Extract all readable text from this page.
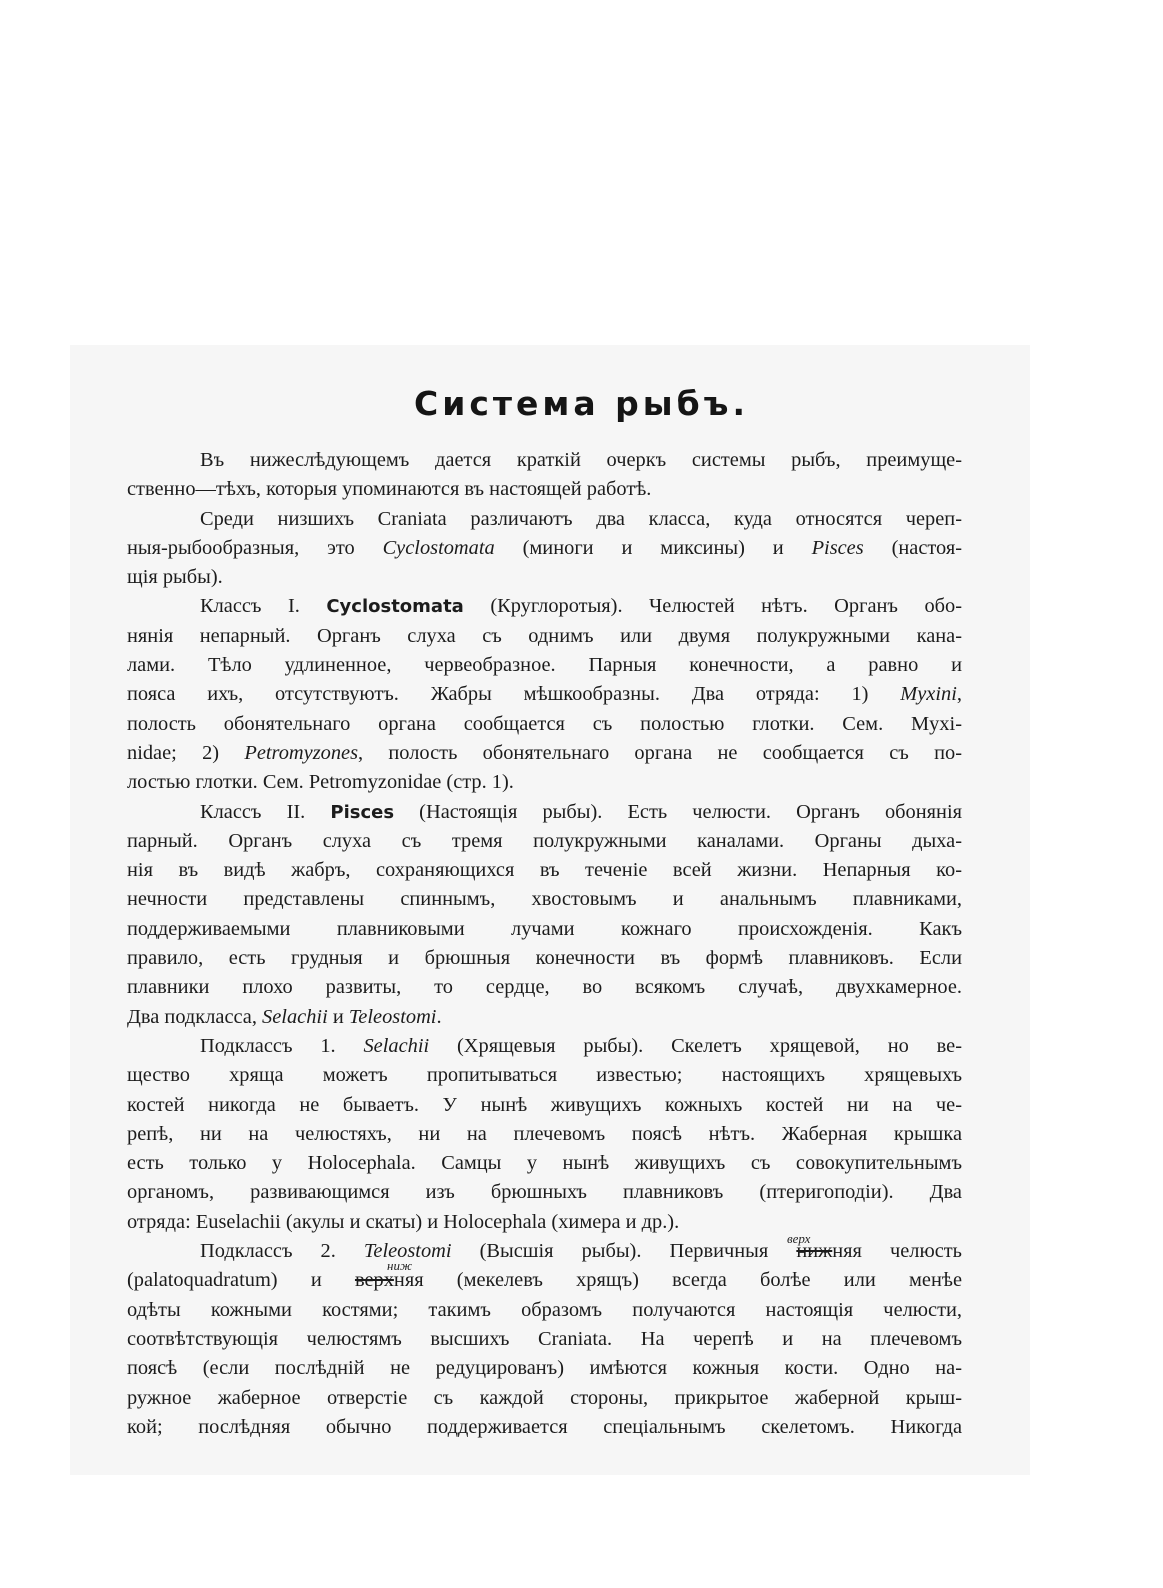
Система рыбъ.
верх
ниж
Въ нижеслѣдующемъ дается краткій очеркъ системы рыбъ, преимуще-
ственно—тѣхъ, которыя упоминаются въ настоящей работѣ.
Среди низшихъ Craniata различаютъ два класса, куда относятся череп-
ныя-рыбообразныя, это Cyclostomata (миноги и миксины) и Pisces (настоя-
щія рыбы).
Классъ I. Cyclostomata (Круглоротыя). Челюстей нѣтъ. Органъ обо-
нянія непарный. Органъ слуха съ однимъ или двумя полукружными кана-
лами. Тѣло удлиненное, червеобразное. Парныя конечности, а равно и
пояса ихъ, отсутствуютъ. Жабры мѣшкообразны. Два отряда: 1) Myxini,
полость обонятельнаго органа сообщается съ полостью глотки. Сем. Myxi-
nidae; 2) Petromyzones, полость обонятельнаго органа не сообщается съ по-
лостью глотки. Сем. Petromyzonidae (стр. 1).
Классъ II. Pisces (Настоящія рыбы). Есть челюсти. Органъ обонянія
парный. Органъ слуха съ тремя полукружными каналами. Органы дыха-
нія въ видѣ жабръ, сохраняющихся въ теченіе всей жизни. Непарныя ко-
нечности представлены спиннымъ, хвостовымъ и анальнымъ плавниками,
поддерживаемыми плавниковыми лучами кожнаго происхожденія. Какъ
правило, есть грудныя и брюшныя конечности въ формѣ плавниковъ. Если
плавники плохо развиты, то сердце, во всякомъ случаѣ, двухкамерное.
Два подкласса, Selachii и Teleostomi.
Подклассъ 1. Selachii (Хрящевыя рыбы). Скелетъ хрящевой, но ве-
щество хряща можетъ пропитываться известью; настоящихъ хрящевыхъ
костей никогда не бываетъ. У нынѣ живущихъ кожныхъ костей ни на че-
репѣ, ни на челюстяхъ, ни на плечевомъ поясѣ нѣтъ. Жаберная крышка
есть только у Holocephala. Самцы у нынѣ живущихъ съ совокупительнымъ
органомъ, развивающимся изъ брюшныхъ плавниковъ (птеригоподіи). Два
отряда: Euselachii (акулы и скаты) и Holocephala (химера и др.).
Подклассъ 2. Teleostomi (Высшія рыбы). Первичныя нижняя челюсть
(palatoquadratum) и верхняя (мекелевъ хрящъ) всегда болѣе или менѣе
одѣты кожными костями; такимъ образомъ получаются настоящія челюсти,
соотвѣтствующія челюстямъ высшихъ Craniata. На черепѣ и на плечевомъ
поясѣ (если послѣдній не редуцированъ) имѣются кожныя кости. Одно на-
ружное жаберное отверстіе съ каждой стороны, прикрытое жаберной крыш-
кой; послѣдняя обычно поддерживается спеціальнымъ скелетомъ. Никогда
